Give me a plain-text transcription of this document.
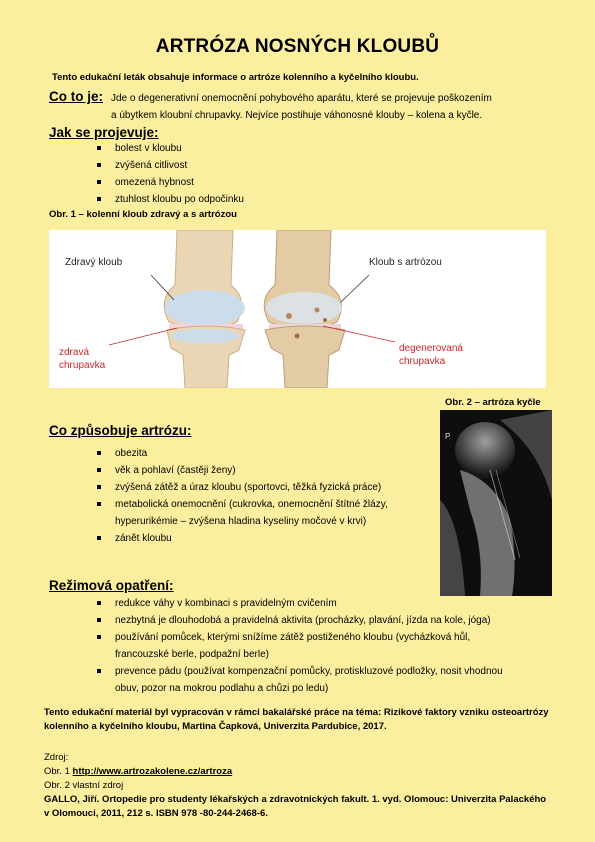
ARTRÓZA NOSNÝCH KLOUBŮ
Tento edukační leták obsahuje informace o artróze kolenního a kyčelního kloubu.
Co to je: Jde o degenerativní onemocnění pohybového aparátu, které se projevuje poškozením
a úbytkem kloubní chrupavky. Nejvíce postihuje váhonosné klouby – kolena a kyčle.
Jak se projevuje:
bolest v kloubu
zvýšená citlivost
omezená hybnost
ztuhlost kloubu po odpočinku
Obr. 1 – kolenní kloub zdravý a s artrózou
Zdravý kloub	Kloub s artrózou
zdravá
chrupavka
degenerovaná
chrupavka
Obr. 2 – artróza kyčle
P
Co způsobuje artrózu:
obezita
věk a pohlaví (častěji ženy)
zvýšená zátěž a úraz kloubu (sportovci, těžká fyzická práce)
metabolická onemocnění (cukrovka, onemocnění štítné žlázy,
hyperurikémie – zvýšena hladina kyseliny močové v krvi)
zánět kloubu
Režimová opatření:
redukce váhy v kombinaci s pravidelným cvičením
nezbytná je dlouhodobá a pravidelná aktivita (procházky, plavání, jízda na kole, jóga)
používání pomůcek, kterými snížíme zátěž postiženého kloubu (vycházková hůl,
francouzské berle, podpažní berle)
prevence pádu (používat kompenzační pomůcky, protiskluzové podložky, nosit vhodnou
obuv, pozor na mokrou podlahu a chůzi po ledu)
Tento edukační materiál byl vypracován v rámci bakalářské práce na téma: Rizikové faktory vzniku osteoartrózy
kolenního a kyčelního kloubu, Martina Čapková, Univerzita Pardubice, 2017.
Zdroj:
Obr. 1 http://www.artrozakolene.cz/artroza
Obr. 2 vlastní zdroj
GALLO, Jiří. Ortopedie pro studenty lékařských a zdravotnických fakult. 1. vyd. Olomouc: Univerzita Palackého
v Olomouci, 2011, 212 s. ISBN 978 -80-244-2468-6.
